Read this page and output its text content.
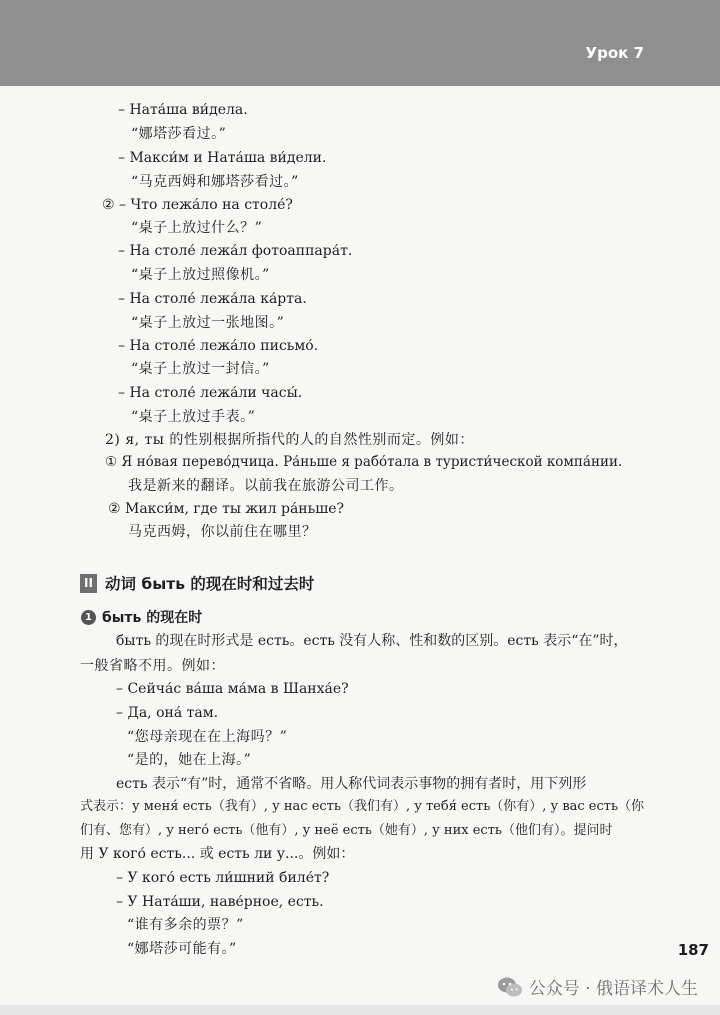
Урок 7
– Ната́ша ви́дела.
“娜塔莎看过。”
– Макси́м и Ната́ша ви́дели.
“马克西姆和娜塔莎看过。”
② – Что лежа́ло на столе́?
“桌子上放过什么？”
– На столе́ лежа́л фотоаппара́т.
“桌子上放过照像机。”
– На столе́ лежа́ла ка́рта.
“桌子上放过一张地图。”
– На столе́ лежа́ло письмо́.
“桌子上放过一封信。”
– На столе́ лежа́ли часы́.
“桌子上放过手表。”
2) я, ты 的性别根据所指代的人的自然性别而定。例如：
① Я но́вая перево́дчица. Ра́ньше я рабо́тала в туристи́ческой компа́нии.
我是新来的翻译。以前我在旅游公司工作。
② Макси́м, где ты жил ра́ньше?
马克西姆，你以前住在哪里？
II 动词 быть 的现在时和过去时
1 быть 的现在时
быть 的现在时形式是 есть。есть 没有人称、性和数的区别。есть 表示“在”时，
一般省略不用。例如：
– Сейча́с ва́ша ма́ма в Шанха́е?
– Да, она́ там.
“您母亲现在在上海吗？”
“是的，她在上海。”
есть 表示“有”时，通常不省略。用人称代词表示事物的拥有者时，用下列形
式表示：у меня́ есть（我有）, у нас есть（我们有）, у тебя́ есть（你有）, у вас есть（你
们有、您有）, у него́ есть（他有）, у неё есть（她有）, у них есть（他们有）。提问时
用 У кого́ есть... 或 есть ли у...。例如：
– У кого́ есть ли́шний биле́т?
– У Ната́ши, наве́рное, есть.
“谁有多余的票？”
“娜塔莎可能有。”	187
公众号 · 俄语译术人生
